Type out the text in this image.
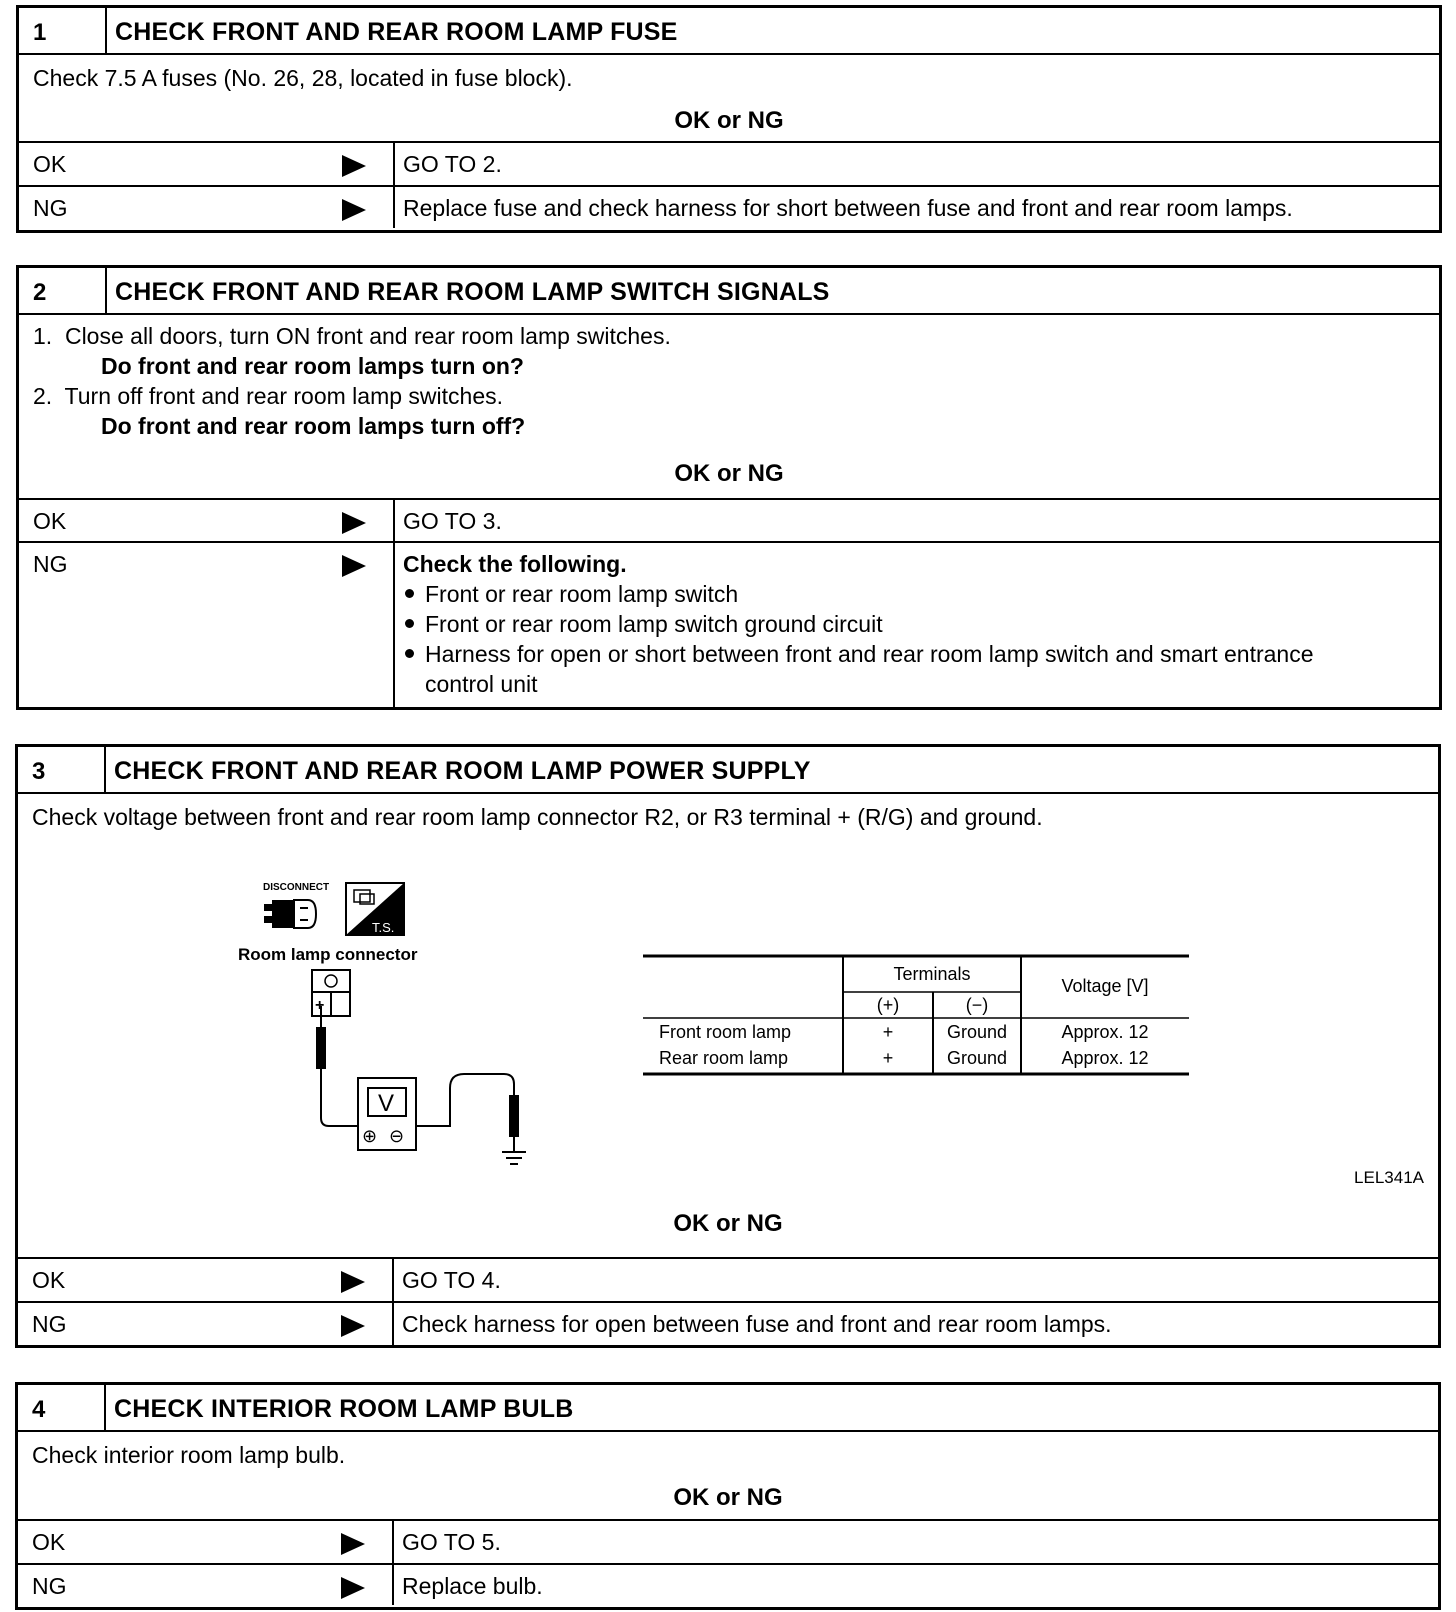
1	CHECK FRONT AND REAR ROOM LAMP FUSE
Check 7.5 A fuses (No. 26, 28, located in fuse block).
OK or NG
OK	GO TO 2.
NG	Replace fuse and check harness for short between fuse and front and rear room lamps.
2	CHECK FRONT AND REAR ROOM LAMP SWITCH SIGNALS
1.  Close all doors, turn ON front and rear room lamp switches.
Do front and rear room lamps turn on?
2.  Turn off front and rear room lamp switches.
Do front and rear room lamps turn off?
OK or NG
OK	GO TO 3.
NG	Check the following.
Front or rear room lamp switch
Front or rear room lamp switch ground circuit
Harness for open or short between front and rear room lamp switch and smart entrance control unit
3	CHECK FRONT AND REAR ROOM LAMP POWER SUPPLY
Check voltage between front and rear room lamp connector R2, or R3 terminal + (R/G) and ground.
DISCONNECT
T.S.
Room lamp connector
+
V
⊕ ⊖
Terminals
(+)	(−)
Voltage [V]
Front room lamp	+	Ground	Approx. 12
Rear room lamp	+	Ground	Approx. 12
LEL341A
OK or NG
OK	GO TO 4.
NG	Check harness for open between fuse and front and rear room lamps.
4	CHECK INTERIOR ROOM LAMP BULB
Check interior room lamp bulb.
OK or NG
OK	GO TO 5.
NG	Replace bulb.
